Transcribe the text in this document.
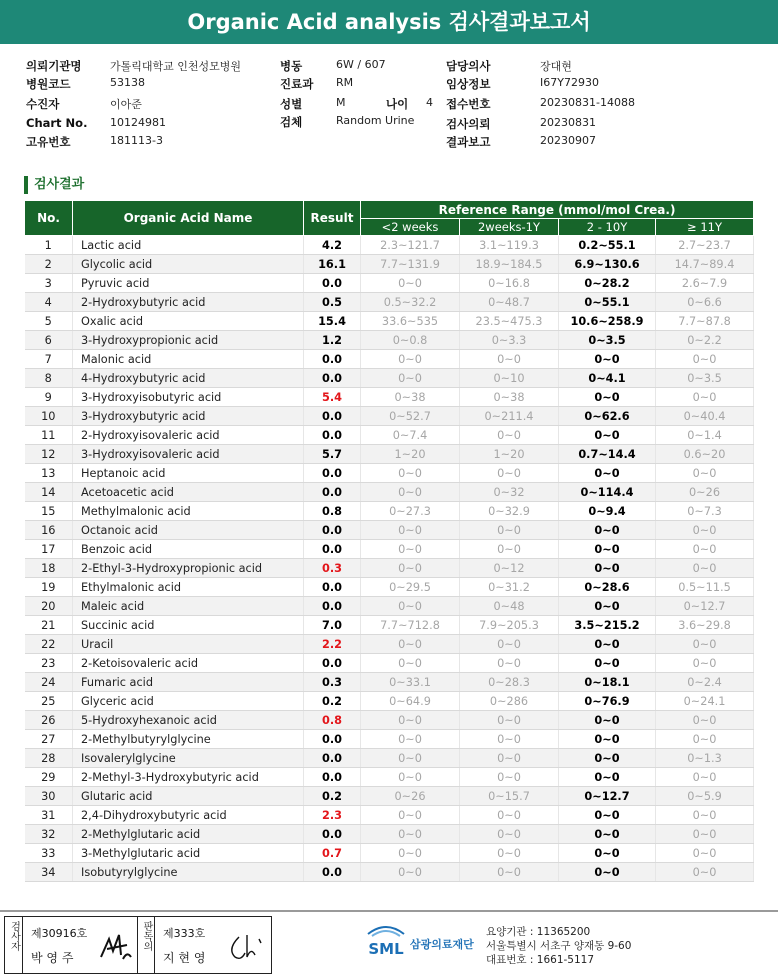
Organic Acid analysis 검사결과보고서
의뢰기관명	가톨릭대학교 인천성모병원
병원코드	53138
수진자	이아준
Chart No. 10124981
고유번호	181113-3
병동	6W / 607
진료과 RM
성별	M	나이 4
검체	Random Urine
담당의사	장대현
임상정보	I67Y72930
접수번호	20230831-14088
검사의뢰	20230831
결과보고	20230907
검사결과
No.	Organic Acid Name	Result	Reference Range (mmol/mol Crea.)			
			<2 weeks	2weeks-1Y	2 - 10Y	≥ 11Y
1	Lactic acid	4.2	2.3~121.7	3.1~119.3	0.2~55.1	2.7~23.7
2	Glycolic acid	16.1	7.7~131.9	18.9~184.5	6.9~130.6	14.7~89.4
3	Pyruvic acid	0.0	0~0	0~16.8	0~28.2	2.6~7.9
4	2-Hydroxybutyric acid	0.5	0.5~32.2	0~48.7	0~55.1	0~6.6
5	Oxalic acid	15.4	33.6~535	23.5~475.3	10.6~258.9	7.7~87.8
6	3-Hydroxypropionic acid	1.2	0~0.8	0~3.3	0~3.5	0~2.2
7	Malonic acid	0.0	0~0	0~0	0~0	0~0
8	4-Hydroxybutyric acid	0.0	0~0	0~10	0~4.1	0~3.5
9	3-Hydroxyisobutyric acid	5.4	0~38	0~38	0~0	0~0
10	3-Hydroxybutyric acid	0.0	0~52.7	0~211.4	0~62.6	0~40.4
11	2-Hydroxyisovaleric acid	0.0	0~7.4	0~0	0~0	0~1.4
12	3-Hydroxyisovaleric acid	5.7	1~20	1~20	0.7~14.4	0.6~20
13	Heptanoic acid	0.0	0~0	0~0	0~0	0~0
14	Acetoacetic acid	0.0	0~0	0~32	0~114.4	0~26
15	Methylmalonic acid	0.8	0~27.3	0~32.9	0~9.4	0~7.3
16	Octanoic acid	0.0	0~0	0~0	0~0	0~0
17	Benzoic acid	0.0	0~0	0~0	0~0	0~0
18	2-Ethyl-3-Hydroxypropionic acid	0.3	0~0	0~12	0~0	0~0
19	Ethylmalonic acid	0.0	0~29.5	0~31.2	0~28.6	0.5~11.5
20	Maleic acid	0.0	0~0	0~48	0~0	0~12.7
21	Succinic acid	7.0	7.7~712.8	7.9~205.3	3.5~215.2	3.6~29.8
22	Uracil	2.2	0~0	0~0	0~0	0~0
23	2-Ketoisovaleric acid	0.0	0~0	0~0	0~0	0~0
24	Fumaric acid	0.3	0~33.1	0~28.3	0~18.1	0~2.4
25	Glyceric acid	0.2	0~64.9	0~286	0~76.9	0~24.1
26	5-Hydroxyhexanoic acid	0.8	0~0	0~0	0~0	0~0
27	2-Methylbutyrylglycine	0.0	0~0	0~0	0~0	0~0
28	Isovalerylglycine	0.0	0~0	0~0	0~0	0~1.3
29	2-Methyl-3-Hydroxybutyric acid	0.0	0~0	0~0	0~0	0~0
30	Glutaric acid	0.2	0~26	0~15.7	0~12.7	0~5.9
31	2,4-Dihydroxybutyric acid	2.3	0~0	0~0	0~0	0~0
32	2-Methylglutaric acid	0.0	0~0	0~0	0~0	0~0
33	3-Methylglutaric acid	0.7	0~0	0~0	0~0	0~0
34	Isobutyrylglycine	0.0	0~0	0~0	0~0	0~0
검사자	제30916호
박 영 주
판독의 제333호
지 현 영	SML 삼광의료재단
요양기관 : 11365200
서울특별시 서초구 양재동 9-60
대표번호 : 1661-5117
